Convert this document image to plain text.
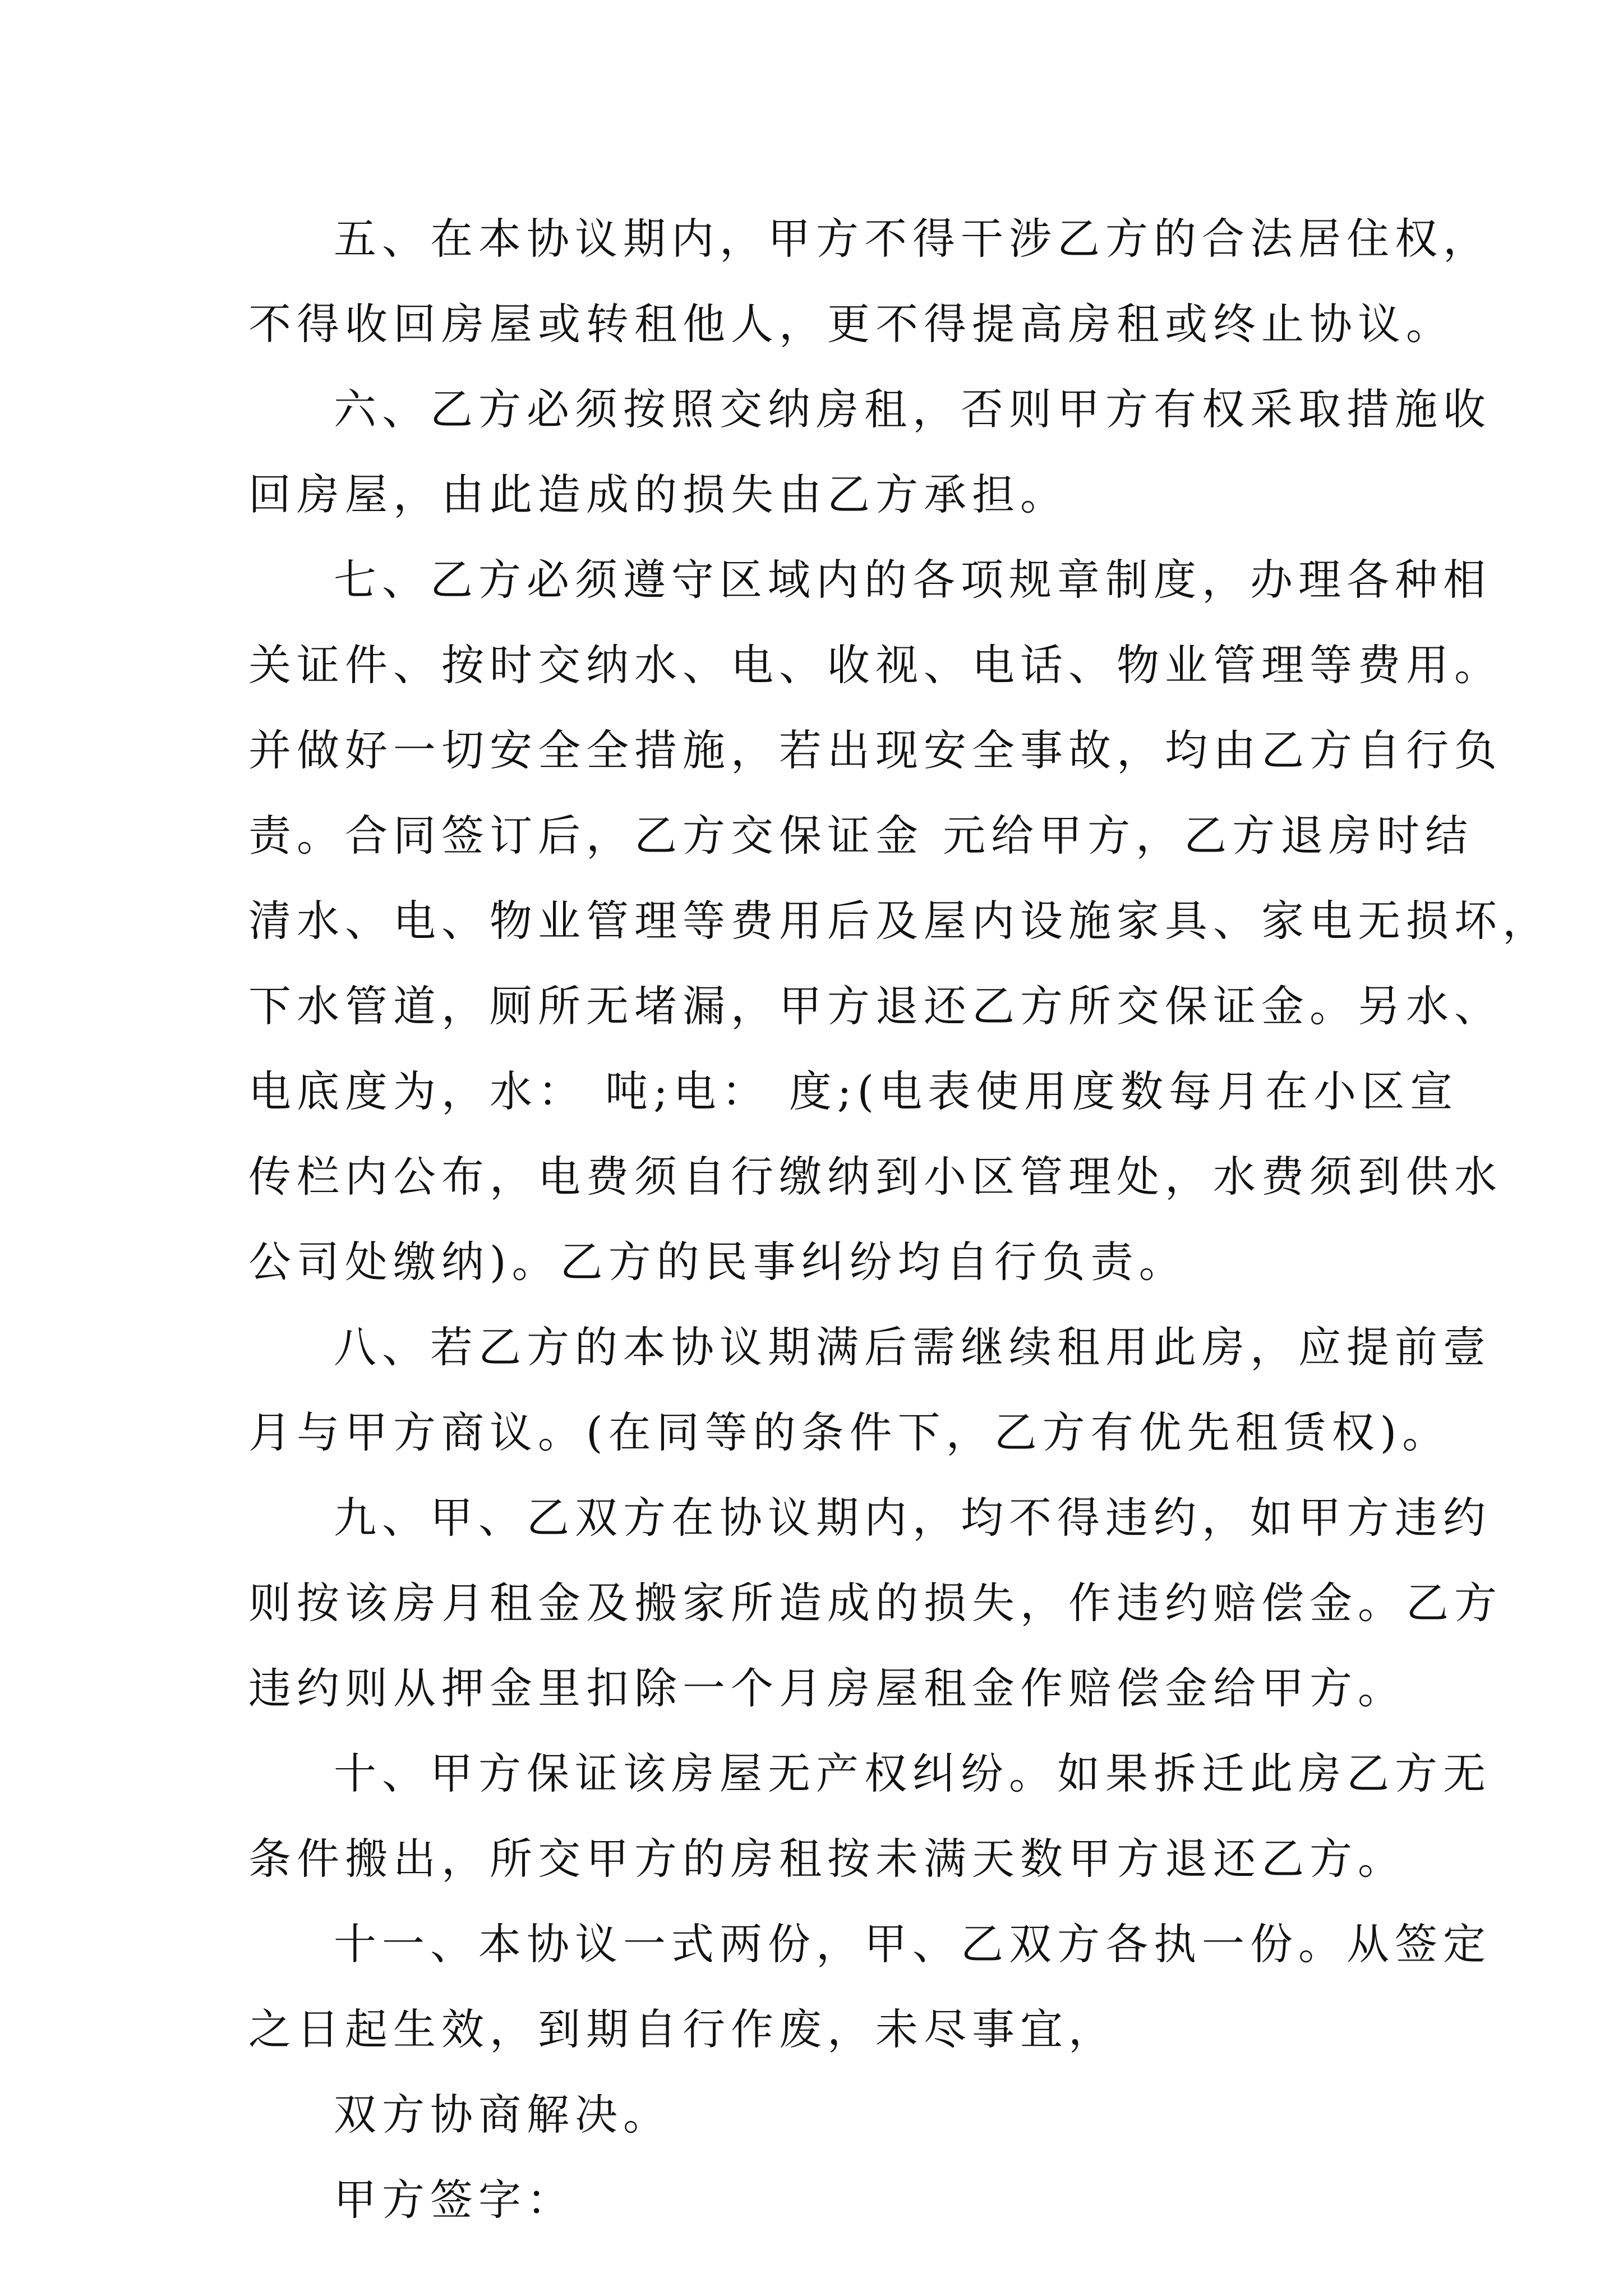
五、在本协议期内，甲方不得干涉乙方的合法居住权，
不得收回房屋或转租他人，更不得提高房租或终止协议。
六、乙方必须按照交纳房租，否则甲方有权采取措施收
回房屋，由此造成的损失由乙方承担。
七、乙方必须遵守区域内的各项规章制度，办理各种相
关证件、按时交纳水、电、收视、电话、物业管理等费用。
并做好一切安全全措施，若出现安全事故，均由乙方自行负
责。合同签订后，乙方交保证金 元给甲方，乙方退房时结
清水、电、物业管理等费用后及屋内设施家具、家电无损坏，
下水管道，厕所无堵漏，甲方退还乙方所交保证金。另水、
电底度为，水： 吨;电： 度;(电表使用度数每月在小区宣
传栏内公布，电费须自行缴纳到小区管理处，水费须到供水
公司处缴纳)。乙方的民事纠纷均自行负责。
八、若乙方的本协议期满后需继续租用此房，应提前壹
月与甲方商议。(在同等的条件下，乙方有优先租赁权)。
九、甲、乙双方在协议期内，均不得违约，如甲方违约
则按该房月租金及搬家所造成的损失，作违约赔偿金。乙方
违约则从押金里扣除一个月房屋租金作赔偿金给甲方。
十、甲方保证该房屋无产权纠纷。如果拆迁此房乙方无
条件搬出，所交甲方的房租按未满天数甲方退还乙方。
十一、本协议一式两份，甲、乙双方各执一份。从签定
之日起生效，到期自行作废，未尽事宜，
双方协商解决。
甲方签字：
